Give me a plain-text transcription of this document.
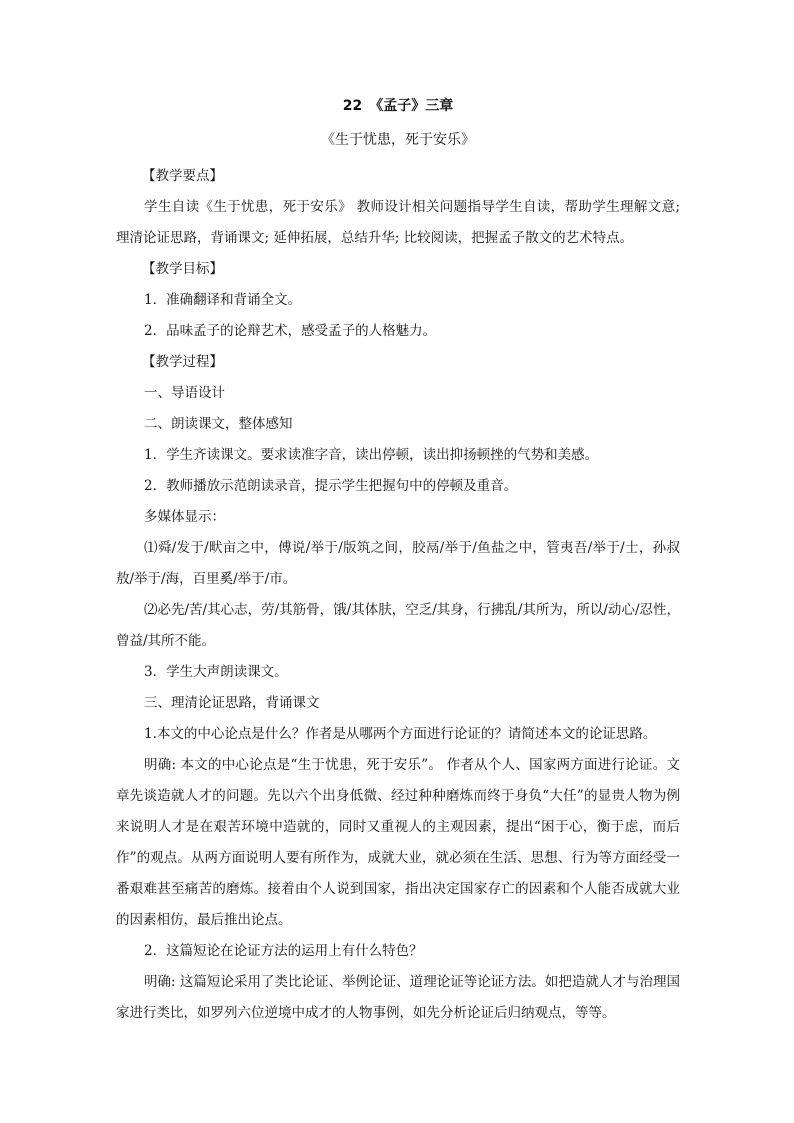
22　《孟子》三章
《生于忧患，死于安乐》
【教学要点】

学生自读《生于忧患，死于安乐》 教师设计相关问题指导学生自读，帮助学生理解文意; 理清论证思路，背诵课文; 延伸拓展，总结升华; 比较阅读，把握孟子散文的艺术特点。

【教学目标】

1．准确翻译和背诵全文。

2．品味孟子的论辩艺术，感受孟子的人格魅力。

【教学过程】

一、导语设计

二、朗读课文，整体感知

1．学生齐读课文。要求读准字音，读出停顿，读出抑扬顿挫的气势和美感。

2．教师播放示范朗读录音，提示学生把握句中的停顿及重音。

多媒体显示：

⑴舜/发于/畎亩之中，傅说/举于/版筑之间，胶鬲/举于/鱼盐之中，管夷吾/举于/士，孙叔敖/举于/海，百里奚/举于/市。

⑵必先/苦/其心志，劳/其筋骨，饿/其体肤，空乏/其身，行拂乱/其所为，所以/动心/忍性，曾益/其所不能。

3．学生大声朗读课文。

三、理清论证思路，背诵课文

1.本文的中心论点是什么？作者是从哪两个方面进行论证的？请简述本文的论证思路。

明确: 本文的中心论点是“生于忧患，死于安乐”。 作者从个人、国家两方面进行论证。文章先谈造就人才的问题。先以六个出身低微、经过种种磨炼而终于身负“大任”的显贵人物为例来说明人才是在艰苦环境中造就的，同时又重视人的主观因素，提出“困于心，衡于虑，而后作”的观点。从两方面说明人要有所作为，成就大业，就必须在生活、思想、行为等方面经受一番艰难甚至痛苦的磨炼。接着由个人说到国家，指出决定国家存亡的因素和个人能否成就大业的因素相仿，最后推出论点。

2．这篇短论在论证方法的运用上有什么特色？

明确: 这篇短论采用了类比论证、举例论证、道理论证等论证方法。如把造就人才与治理国家进行类比，如罗列六位逆境中成才的人物事例，如先分析论证后归纳观点，等等。
